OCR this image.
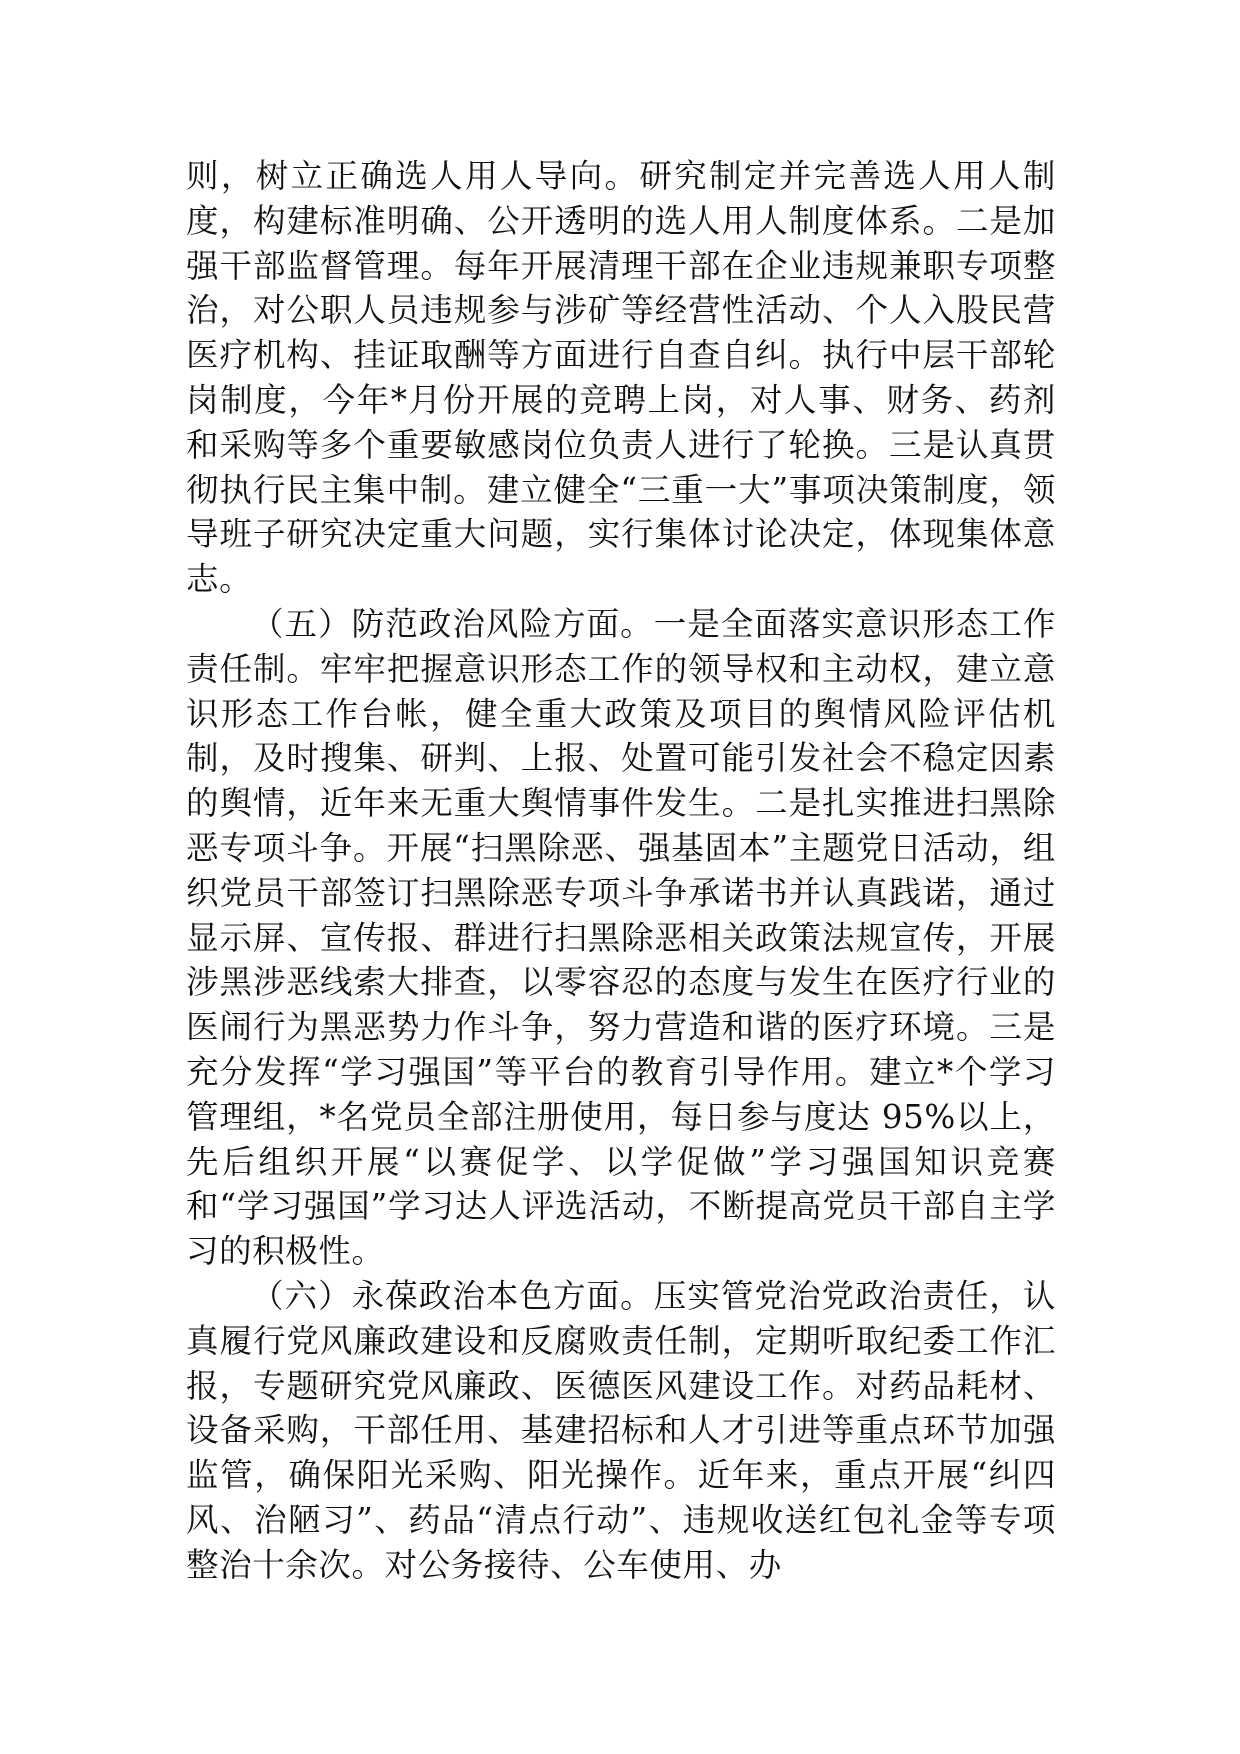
则，树立正确选人用人导向。研究制定并完善选人用人制度，构建标准明确、公开透明的选人用人制度体系。二是加强干部监督管理。每年开展清理干部在企业违规兼职专项整治，对公职人员违规参与涉矿等经营性活动、个人入股民营医疗机构、挂证取酬等方面进行自查自纠。执行中层干部轮岗制度，今年*月份开展的竞聘上岗，对人事、财务、药剂和采购等多个重要敏感岗位负责人进行了轮换。三是认真贯彻执行民主集中制。建立健全“三重一大”事项决策制度，领导班子研究决定重大问题，实行集体讨论决定，体现集体意志。

（五）防范政治风险方面。一是全面落实意识形态工作责任制。牢牢把握意识形态工作的领导权和主动权，建立意识形态工作台帐，健全重大政策及项目的舆情风险评估机制，及时搜集、研判、上报、处置可能引发社会不稳定因素的舆情，近年来无重大舆情事件发生。二是扎实推进扫黑除恶专项斗争。开展“扫黑除恶、强基固本”主题党日活动，组织党员干部签订扫黑除恶专项斗争承诺书并认真践诺，通过显示屏、宣传报、群进行扫黑除恶相关政策法规宣传，开展涉黑涉恶线索大排查，以零容忍的态度与发生在医疗行业的医闹行为黑恶势力作斗争，努力营造和谐的医疗环境。三是充分发挥“学习强国”等平台的教育引导作用。建立*个学习管理组，*名党员全部注册使用，每日参与度达 95%以上，先后组织开展“以赛促学、以学促做”学习强国知识竞赛和“学习强国”学习达人评选活动，不断提高党员干部自主学习的积极性。

（六）永葆政治本色方面。压实管党治党政治责任，认真履行党风廉政建设和反腐败责任制，定期听取纪委工作汇报，专题研究党风廉政、医德医风建设工作。对药品耗材、设备采购，干部任用、基建招标和人才引进等重点环节加强监管，确保阳光采购、阳光操作。近年来，重点开展“纠四风、治陋习”、药品“清点行动”、违规收送红包礼金等专项整治十余次。对公务接待、公车使用、办
